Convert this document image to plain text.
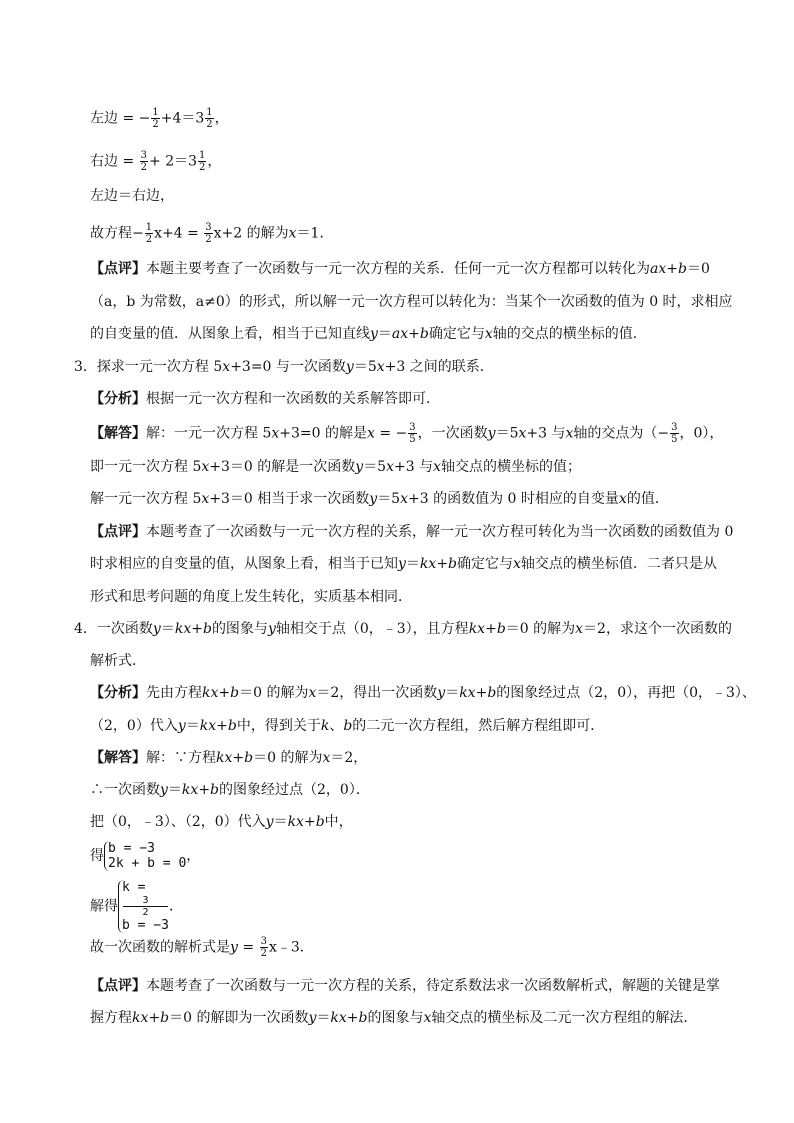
左边 = − $\frac{1}{2} +4=3 \frac{1}{2}$ ，
右边 = $\frac{3}{2} + 2=3 \frac{1}{2}$ ，
左边＝右边，
故方程− $\frac{1}{2} x+4 = \frac{3}{2} x+2$ 的解为x＝1．
【点评】本题主要考查了一次函数与一元一次方程的关系．任何一元一次方程都可以转化为ax+b＝0
（a，b 为常数，a≠0）的形式，所以解一元一次方程可以转化为：当某个一次函数的值为 0 时，求相应
的自变量的值．从图象上看，相当于已知直线y＝ax+b确定它与x轴的交点的横坐标的值．
3．探求一元一次方程 5x+3=0 与一次函数y＝5x+3 之间的联系．
【分析】根据一元一次方程和一次函数的关系解答即可．
【解答】解：一元一次方程 5x+3=0 的解是x = − $\frac{3}{5}$ ，一次函数y＝5x+3 与x轴的交点为（− $\frac{3}{5}$ ，0），
即一元一次方程 5x+3＝0 的解是一次函数y＝5x+3 与x轴交点的横坐标的值；
解一元一次方程 5x+3＝0 相当于求一次函数y＝5x+3 的函数值为 0 时相应的自变量x的值．
【点评】本题考查了一次函数与一元一次方程的关系，解一元一次方程可转化为当一次函数的函数值为 0
时求相应的自变量的值，从图象上看，相当于已知y＝kx+b确定它与x轴交点的横坐标值．二者只是从
形式和思考问题的角度上发生转化，实质基本相同．
4．一次函数y＝kx+b的图象与y轴相交于点（0，﹣3），且方程kx+b＝0 的解为x＝2，求这个一次函数的
解析式．
【分析】先由方程kx+b＝0 的解为x＝2，得出一次函数y＝kx+b的图象经过点（2，0），再把（0，﹣3）、
（2，0）代入y＝kx+b中，得到关于k、b的二元一次方程组，然后解方程组即可．
【解答】解：∵方程kx+b＝0 的解为x＝2，
∴一次函数y＝kx+b的图象经过点（2，0）．
把（0，﹣3）、（2，0）代入y＝kx+b中，
得 b = −3
2k + b = 0 ，
解得
k =
3
2
b = −3
．
故一次函数的解析式是$y = \frac{3}{2}$ x﹣3．
【点评】本题考查了一次函数与一元一次方程的关系，待定系数法求一次函数解析式，解题的关键是掌
握方程kx+b＝0 的解即为一次函数y＝kx+b的图象与x轴交点的横坐标及二元一次方程组的解法．
